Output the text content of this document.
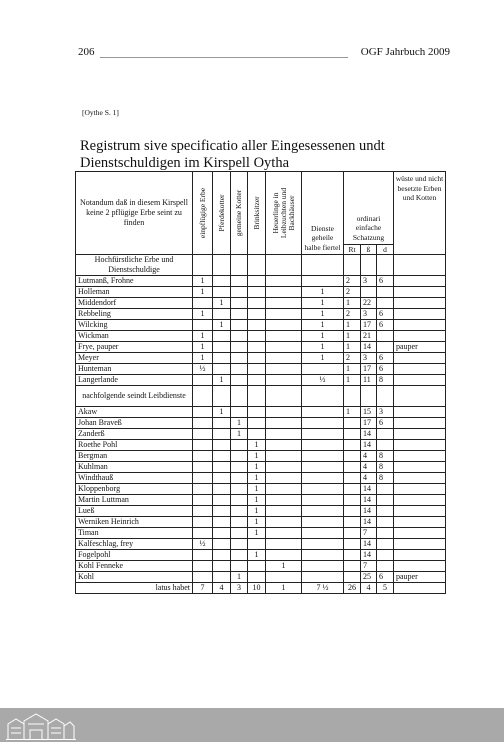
206	OGF Jahrbuch 2009
[Oythe S. 1]
Registrum sive specificatio aller Eingesessenen undt Dienstschuldigen im Kirspell Oytha
Notandum daß in diesem Kirspell keine 2 pflügige Erbe seint zu finden	einpflügige Erbe	Pferdekotter	gemeine Kotter	Brinksitzer	Heuerlinge in Leibzuchten und Backhäuser	Dienste geheile halbe fiertel	ordinari einfache Schatzung			wüste und nicht besetzte Erben und Kotten
							Rt	ß	d	
Hochfürstliche Erbe und Dienstschuldige										
Lutmanß, Frohne	1						2	3	6	
Holleman	1					1	2			
Middendorf		1				1	1	22		
Rebbeling	1					1	2	3	6	
Wilcking		1				1	1	17	6	
Wickman	1					1	1	21		
Frye, pauper	1					1	1	14		pauper
Meyer	1					1	2	3	6	
Hunteman	½						1	17	6	
Langerlande		1				½	1	11	8	
nachfolgende seindt Leibdienste										
Akaw		1					1	15	3	
Johan Braveß			1					17	6	
Zanderß			1					14		
Roethe Pohl				1				14		
Bergman				1				4	8	
Kuhlman				1				4	8	
Windthauß				1				4	8	
Kloppenborg				1				14		
Martin Luttman				1				14		
Lueß				1				14		
Werniken Heinrich				1				14		
Timan				1				7		
Kalfeschlag, frey	½							14		
Fogelpohl				1				14		
Kohl Fenneke					1			7		
Kohl			1					25	6	pauper
latus habet	7	4	3	10	1	7 ½	26	4	5	
